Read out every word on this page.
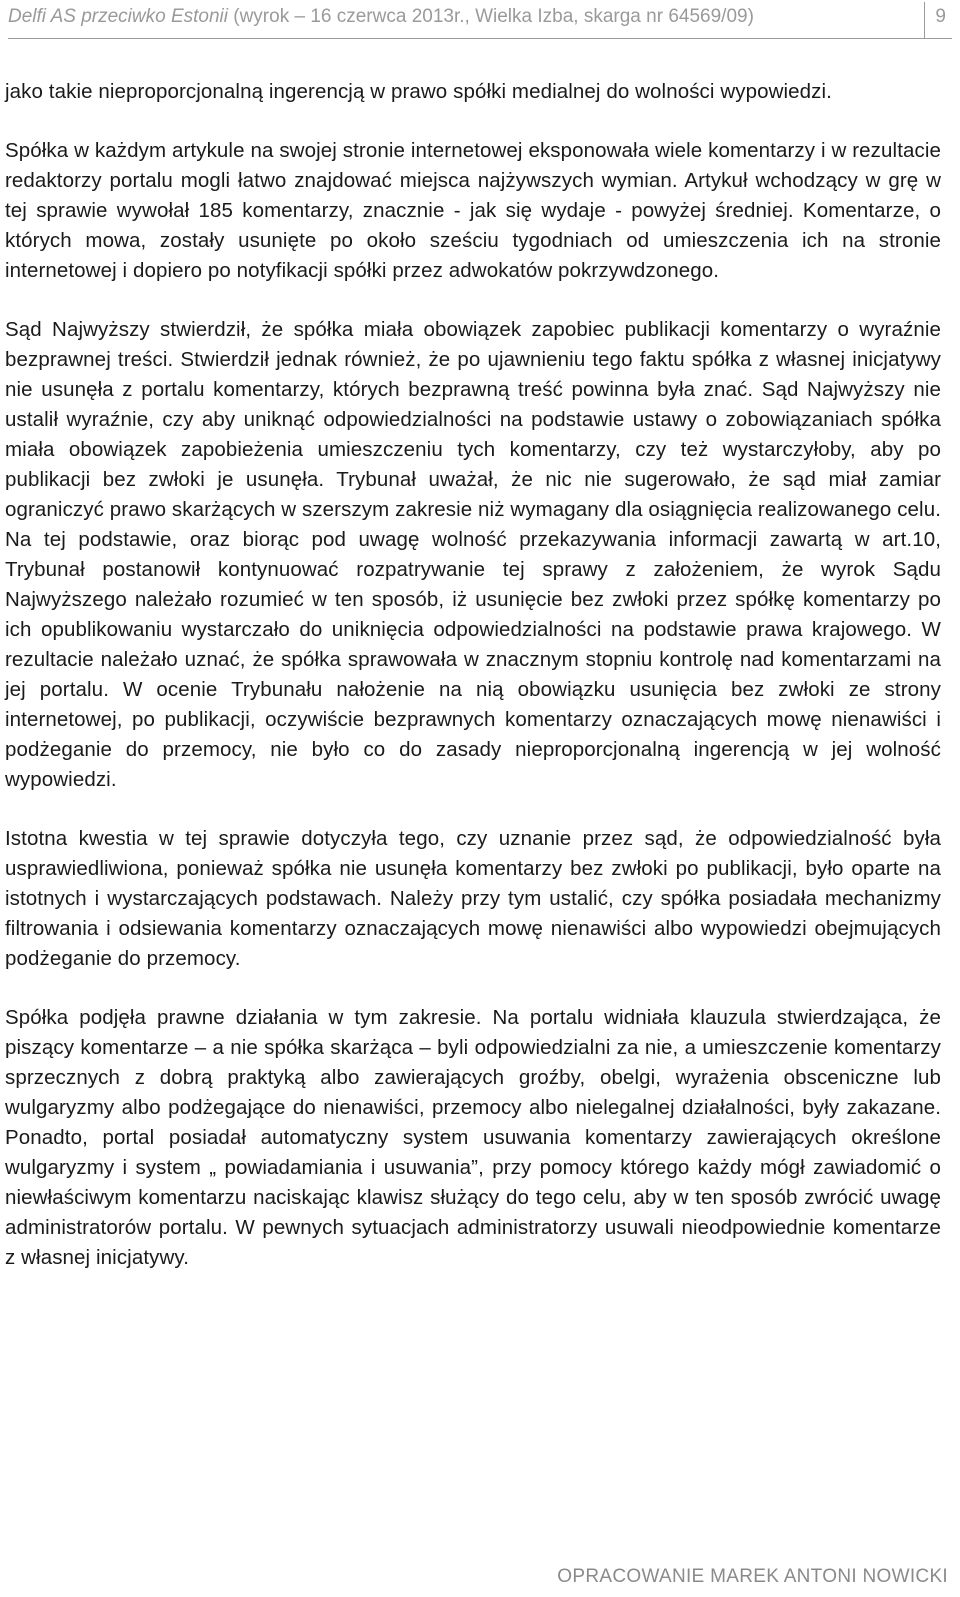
Delfi AS przeciwko Estonii (wyrok – 16 czerwca 2013r., Wielka Izba, skarga nr 64569/09)	9

jako takie nieproporcjonalną ingerencją w prawo spółki medialnej do wolności wypowiedzi.

Spółka w każdym artykule na swojej stronie internetowej eksponowała wiele komentarzy i w rezultacie redaktorzy portalu mogli łatwo znajdować miejsca najżywszych wymian. Artykuł wchodzący w grę w tej sprawie wywołał 185 komentarzy, znacznie - jak się wydaje - powyżej średniej. Komentarze, o których mowa, zostały usunięte po około sześciu tygodniach od umieszczenia ich na stronie internetowej i dopiero po notyfikacji spółki przez adwokatów pokrzywdzonego.

Sąd Najwyższy stwierdził, że spółka miała obowiązek zapobiec publikacji komentarzy o wyraźnie bezprawnej treści. Stwierdził jednak również, że po ujawnieniu tego faktu spółka z własnej inicjatywy nie usunęła z portalu komentarzy, których bezprawną treść powinna była znać. Sąd Najwyższy nie ustalił wyraźnie, czy aby uniknąć odpowiedzialności na podstawie ustawy o zobowiązaniach spółka miała obowiązek zapobieżenia umieszczeniu tych komentarzy, czy też wystarczyłoby, aby po publikacji bez zwłoki je usunęła. Trybunał uważał, że nic nie sugerowało, że sąd miał zamiar ograniczyć prawo skarżących w szerszym zakresie niż wymagany dla osiągnięcia realizowanego celu. Na tej podstawie, oraz biorąc pod uwagę wolność przekazywania informacji zawartą w art.10, Trybunał postanowił kontynuować rozpatrywanie tej sprawy z założeniem, że wyrok Sądu Najwyższego należało rozumieć w ten sposób, iż usunięcie bez zwłoki przez spółkę komentarzy po ich opublikowaniu wystarczało do uniknięcia odpowiedzialności na podstawie prawa krajowego. W rezultacie należało uznać, że spółka sprawowała w znacznym stopniu kontrolę nad komentarzami na jej portalu. W ocenie Trybunału nałożenie na nią obowiązku usunięcia bez zwłoki ze strony internetowej, po publikacji, oczywiście bezprawnych komentarzy oznaczających mowę nienawiści i podżeganie do przemocy, nie było co do zasady nieproporcjonalną ingerencją w jej wolność wypowiedzi.

Istotna kwestia w tej sprawie dotyczyła tego, czy uznanie przez sąd, że odpowiedzialność była usprawiedliwiona, ponieważ spółka nie usunęła komentarzy bez zwłoki po publikacji, było oparte na istotnych i wystarczających podstawach. Należy przy tym ustalić, czy spółka posiadała mechanizmy filtrowania i odsiewania komentarzy oznaczających mowę nienawiści albo wypowiedzi obejmujących podżeganie do przemocy.

Spółka podjęła prawne działania w tym zakresie. Na portalu widniała klauzula stwierdzająca, że piszący komentarze – a nie spółka skarżąca – byli odpowiedzialni za nie, a umieszczenie komentarzy sprzecznych z dobrą praktyką albo zawierających groźby, obelgi, wyrażenia obsceniczne lub wulgaryzmy albo podżegające do nienawiści, przemocy albo nielegalnej działalności, były zakazane. Ponadto, portal posiadał automatyczny system usuwania komentarzy zawierających określone wulgaryzmy i system „ powiadamiania i usuwania”, przy pomocy którego każdy mógł zawiadomić o niewłaściwym komentarzu naciskając klawisz służący do tego celu, aby w ten sposób zwrócić uwagę administratorów portalu. W pewnych sytuacjach administratorzy usuwali nieodpowiednie komentarze z własnej inicjatywy.

OPRACOWANIE MAREK ANTONI NOWICKI
